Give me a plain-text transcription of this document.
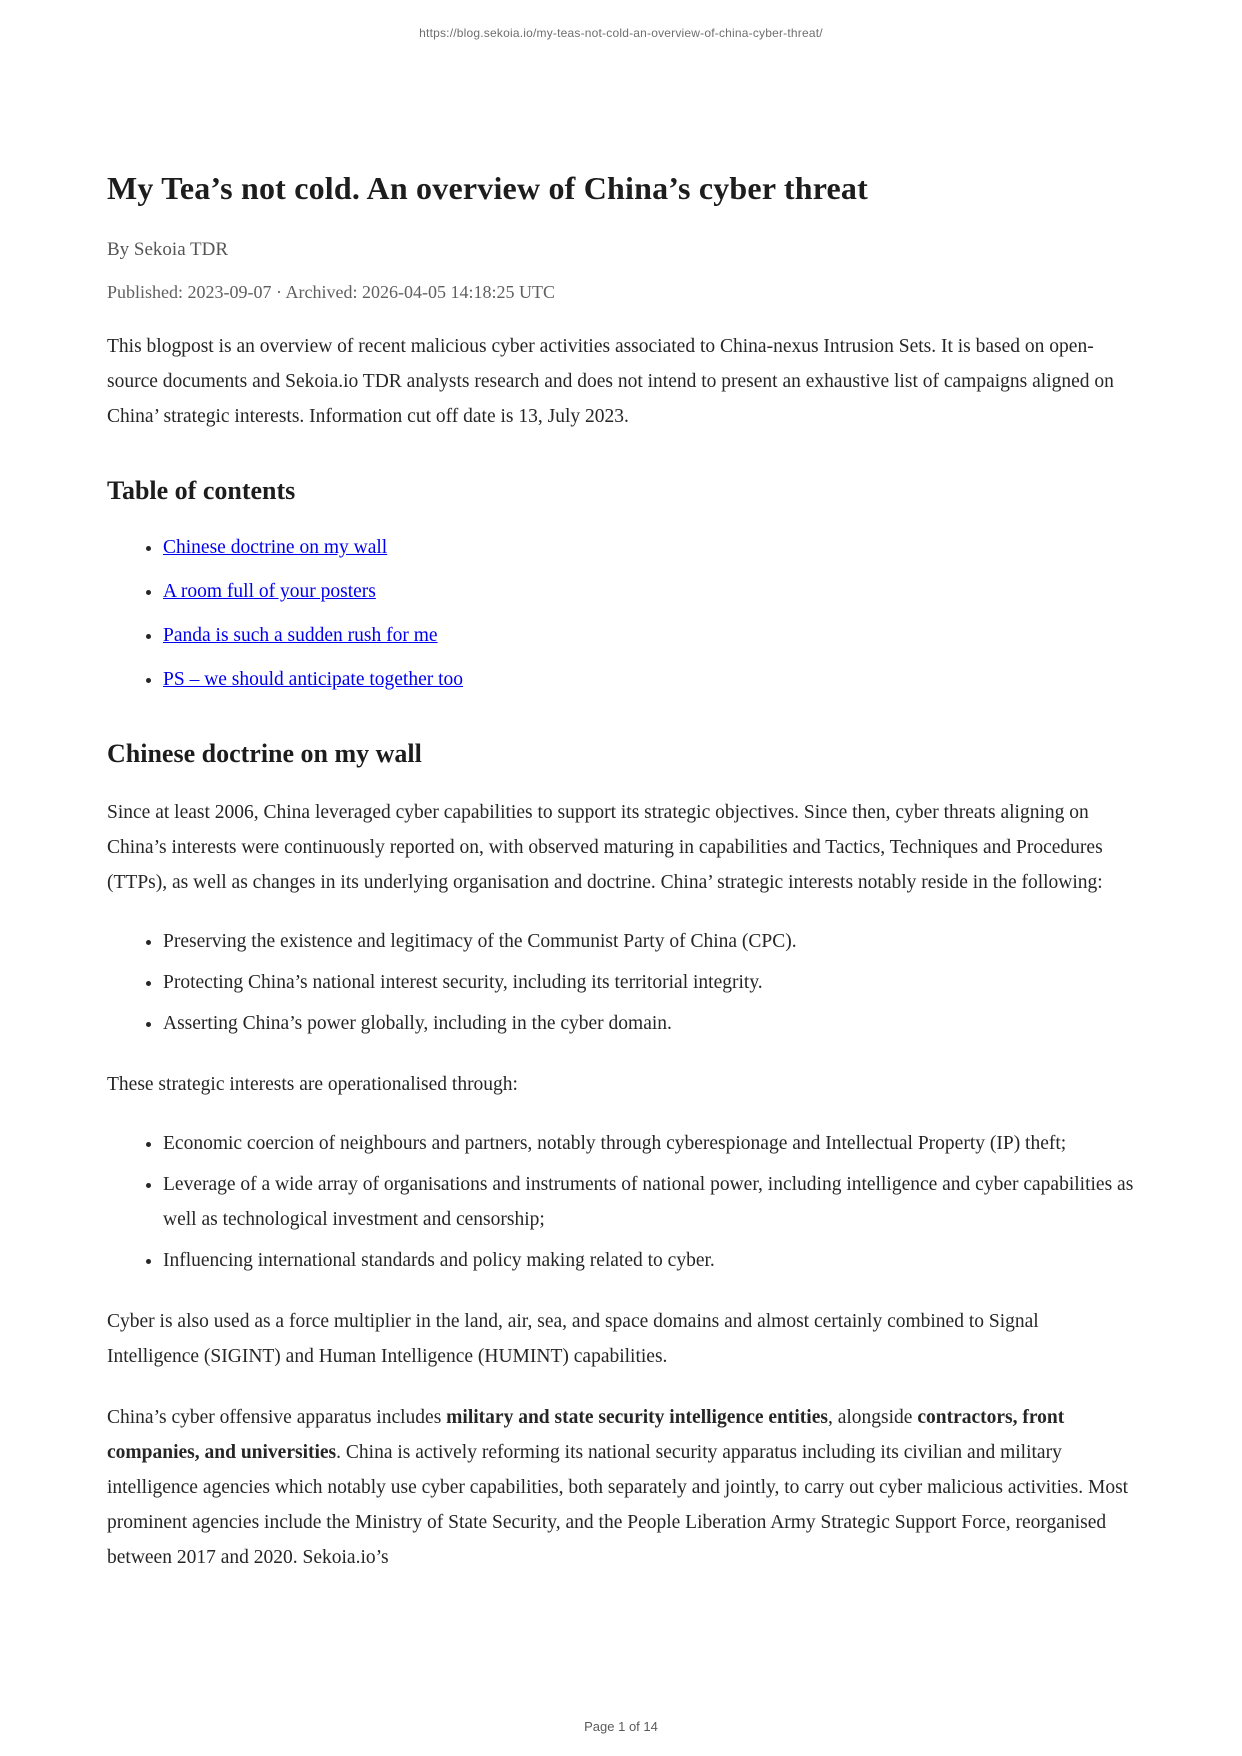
https://blog.sekoia.io/my-teas-not-cold-an-overview-of-china-cyber-threat/
My Tea’s not cold. An overview of China’s cyber threat

By Sekoia TDR

Published: 2023-09-07 · Archived: 2026-04-05 14:18:25 UTC

This blogpost is an overview of recent malicious cyber activities associated to China-nexus Intrusion Sets. It is based on open-source documents and Sekoia.io TDR analysts research and does not intend to present an exhaustive list of campaigns aligned on China’ strategic interests. Information cut off date is 13, July 2023.

Table of contents
• Chinese doctrine on my wall
• A room full of your posters
• Panda is such a sudden rush for me
• PS – we should anticipate together too
Chinese doctrine on my wall

Since at least 2006, China leveraged cyber capabilities to support its strategic objectives. Since then, cyber threats aligning on China’s interests were continuously reported on, with observed maturing in capabilities and Tactics, Techniques and Procedures (TTPs), as well as changes in its underlying organisation and doctrine. China’ strategic interests notably reside in the following:

• Preserving the existence and legitimacy of the Communist Party of China (CPC).
• Protecting China’s national interest security, including its territorial integrity.
• Asserting China’s power globally, including in the cyber domain.

These strategic interests are operationalised through:

• Economic coercion of neighbours and partners, notably through cyberespionage and Intellectual Property (IP) theft;
• Leverage of a wide array of organisations and instruments of national power, including intelligence and cyber capabilities as well as technological investment and censorship;
• Influencing international standards and policy making related to cyber.

Cyber is also used as a force multiplier in the land, air, sea, and space domains and almost certainly combined to Signal Intelligence (SIGINT) and Human Intelligence (HUMINT) capabilities.

China’s cyber offensive apparatus includes military and state security intelligence entities, alongside contractors, front companies, and universities. China is actively reforming its national security apparatus including its civilian and military intelligence agencies which notably use cyber capabilities, both separately and jointly, to carry out cyber malicious activities. Most prominent agencies include the Ministry of State Security, and the People Liberation Army Strategic Support Force, reorganised between 2017 and 2020. Sekoia.io’s

Page 1 of 14
